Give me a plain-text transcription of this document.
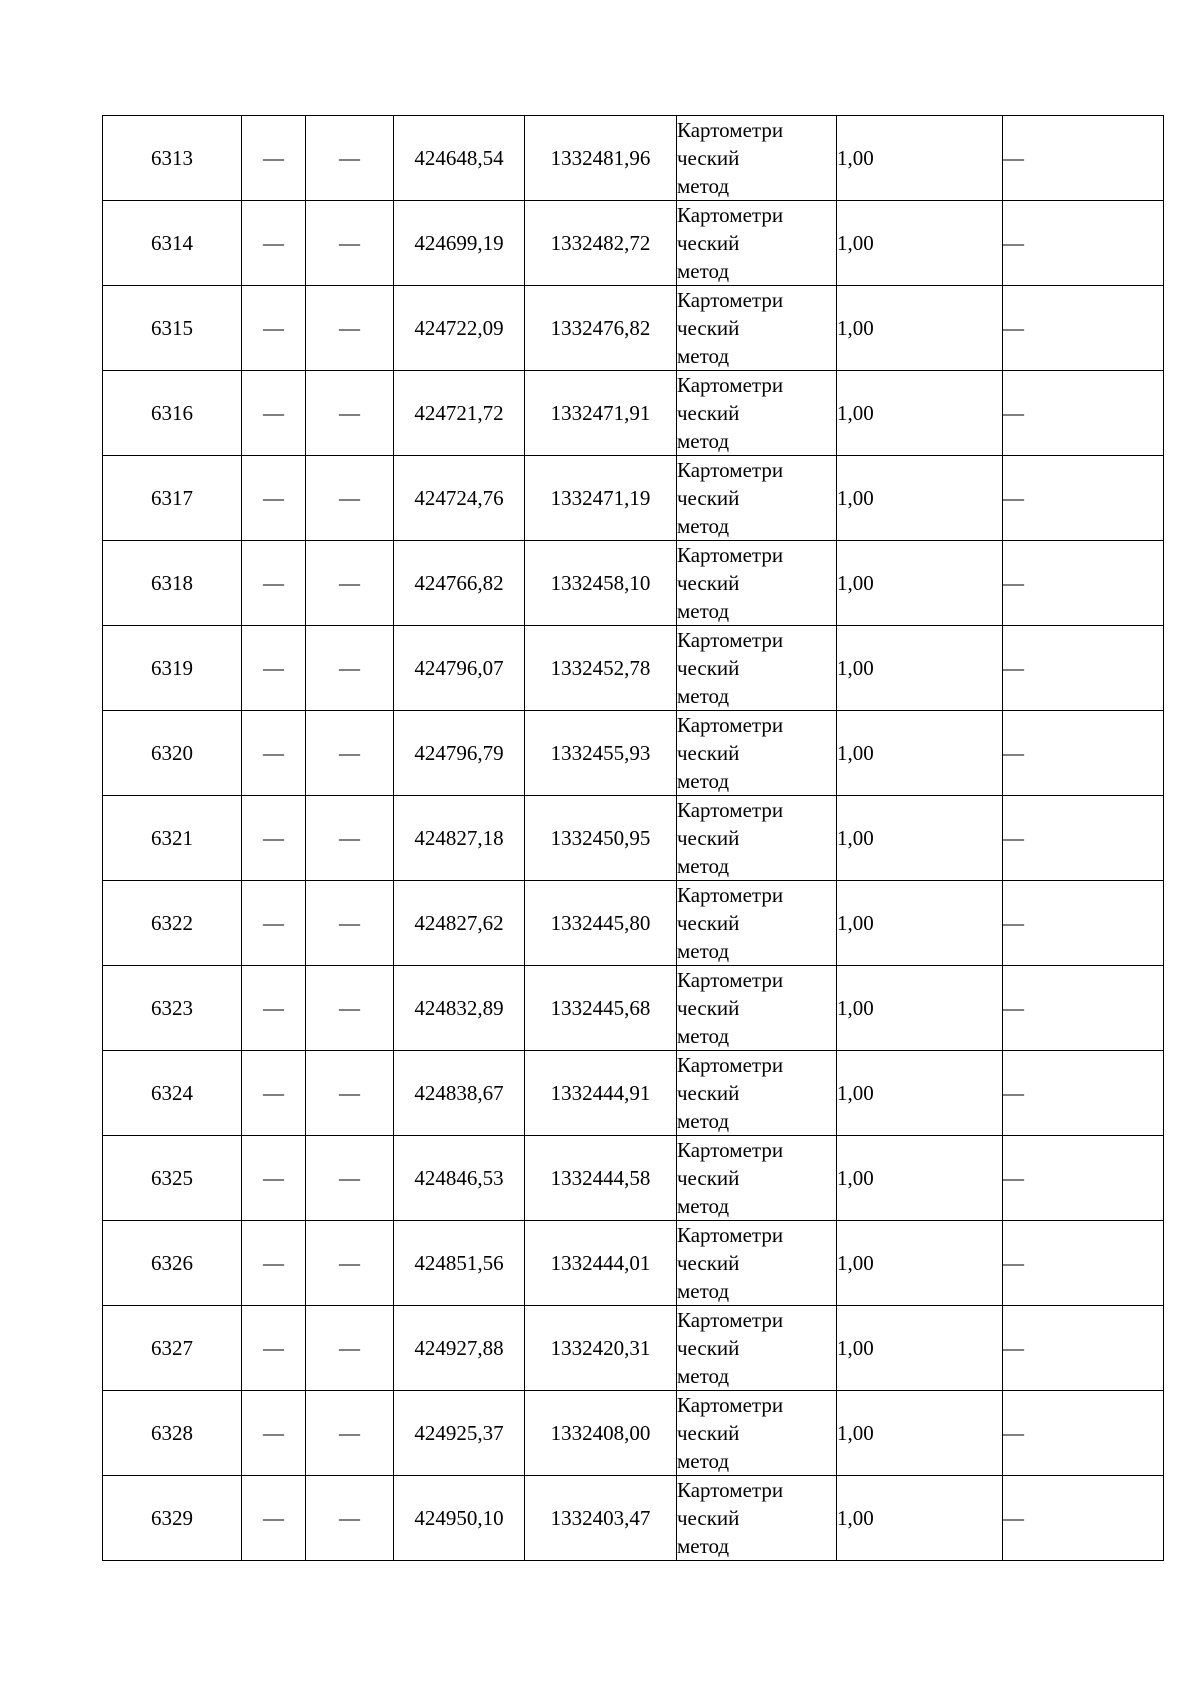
6313	—	—	424648,54	1332481,96	Картометри
ческий
метод	1,00	—
6314	—	—	424699,19	1332482,72	Картометри
ческий
метод	1,00	—
6315	—	—	424722,09	1332476,82	Картометри
ческий
метод	1,00	—
6316	—	—	424721,72	1332471,91	Картометри
ческий
метод	1,00	—
6317	—	—	424724,76	1332471,19	Картометри
ческий
метод	1,00	—
6318	—	—	424766,82	1332458,10	Картометри
ческий
метод	1,00	—
6319	—	—	424796,07	1332452,78	Картометри
ческий
метод	1,00	—
6320	—	—	424796,79	1332455,93	Картометри
ческий
метод	1,00	—
6321	—	—	424827,18	1332450,95	Картометри
ческий
метод	1,00	—
6322	—	—	424827,62	1332445,80	Картометри
ческий
метод	1,00	—
6323	—	—	424832,89	1332445,68	Картометри
ческий
метод	1,00	—
6324	—	—	424838,67	1332444,91	Картометри
ческий
метод	1,00	—
6325	—	—	424846,53	1332444,58	Картометри
ческий
метод	1,00	—
6326	—	—	424851,56	1332444,01	Картометри
ческий
метод	1,00	—
6327	—	—	424927,88	1332420,31	Картометри
ческий
метод	1,00	—
6328	—	—	424925,37	1332408,00	Картометри
ческий
метод	1,00	—
6329	—	—	424950,10	1332403,47	Картометри
ческий
метод	1,00	—
